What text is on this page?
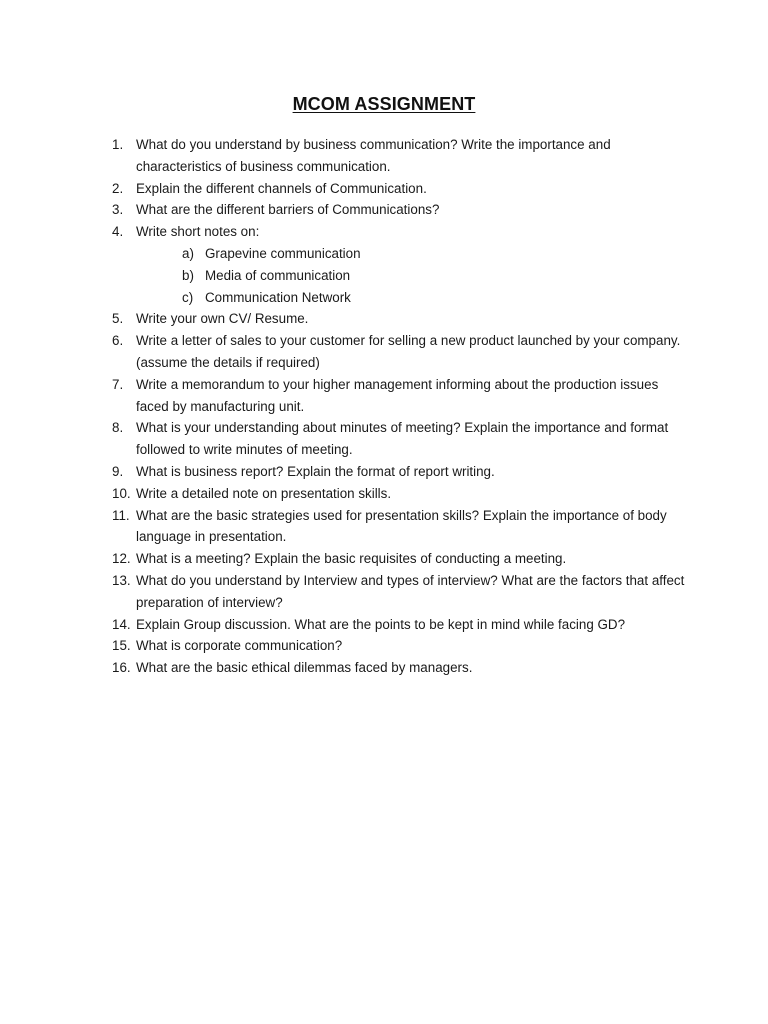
MCOM ASSIGNMENT
1. What do you understand by business communication? Write the importance and characteristics of business communication.
2. Explain the different channels of Communication.
3. What are the different barriers of Communications?
4. Write short notes on:
a) Grapevine communication
b) Media of communication
c) Communication Network
5. Write your own CV/ Resume.
6. Write a letter of sales to your customer for selling a new product launched by your company. (assume the details if required)
7. Write a memorandum to your higher management informing about the production issues faced by manufacturing unit.
8. What is your understanding about minutes of meeting? Explain the importance and format followed to write minutes of meeting.
9. What is business report? Explain the format of report writing.
10. Write a detailed note on presentation skills.
11. What are the basic strategies used for presentation skills? Explain the importance of body language in presentation.
12. What is a meeting? Explain the basic requisites of conducting a meeting.
13. What do you understand by Interview and types of interview? What are the factors that affect preparation of interview?
14. Explain Group discussion. What are the points to be kept in mind while facing GD?
15. What is corporate communication?
16. What are the basic ethical dilemmas faced by managers.
